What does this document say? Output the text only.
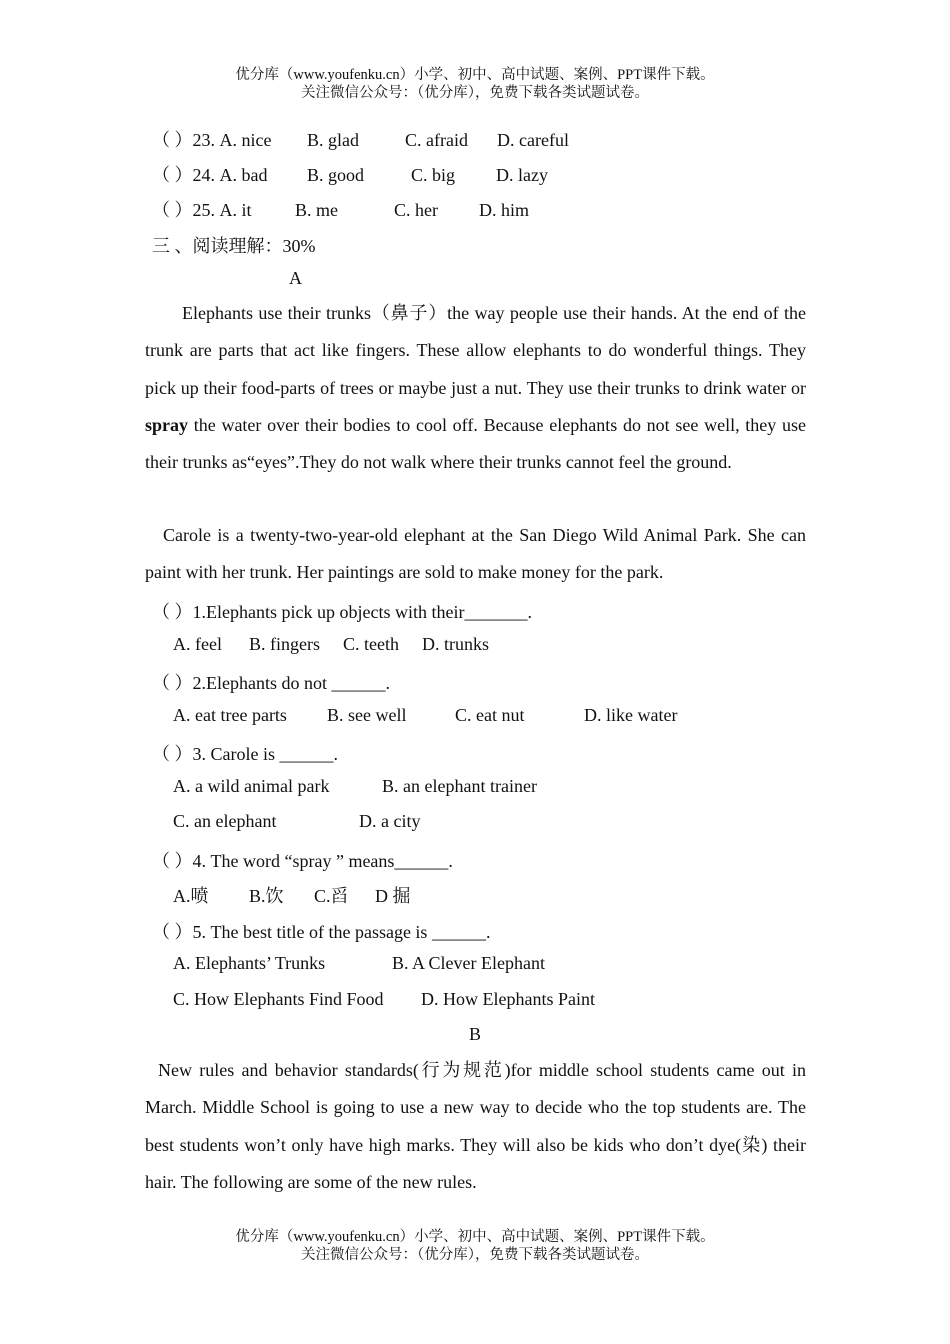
优分库（www.youfenku.cn）小学、初中、高中试题、案例、PPT课件下载。
关注微信公众号：（优分库），免费下载各类试题试卷。
（ ）23. A. nice B. glad	C. afraid D. careful
（ ）24. A. bad B. good	C. big D. lazy
（ ）25. A. it B. me	C. her D. him
三 、阅读理解：30%
A

Elephants use their trunks（鼻子）the way people use their hands. At the end of the trunk are parts that act like fingers. These allow elephants to do wonderful things. They pick up their food-parts of trees or maybe just a nut. They use their trunks to drink water or spray the water over their bodies to cool off. Because elephants do not see well, they use their trunks as“eyes”.They do not walk where their trunks cannot feel the ground.

Carole is a twenty-two-year-old elephant at the San Diego Wild Animal Park. She can paint with her trunk. Her paintings are sold to make money for the park.

（ ）1.Elephants pick up objects with their_______.
A. feel B. fingers C. teeth D. trunks
（ ）2.Elephants do not ______.
A. eat tree parts B. see well	C. eat nut	D. like water
（ ）3. Carole is ______.
A. a wild animal park	B. an elephant trainer
C. an elephant	D. a city
（ ）4. The word “spray ” means______.
A.喷 B.饮 C.舀 D 掘
（ ）5. The best title of the passage is ______.
A. Elephants’ Trunks	B. A Clever Elephant
C. How Elephants Find Food D. How Elephants Paint
B

New rules and behavior standards(行为规范)for middle school students came out in March. Middle School is going to use a new way to decide who the top students are. The best students won’t only have high marks. They will also be kids who don’t dye(染) their hair. The following are some of the new rules.

优分库（www.youfenku.cn）小学、初中、高中试题、案例、PPT课件下载。
关注微信公众号：（优分库），免费下载各类试题试卷。
